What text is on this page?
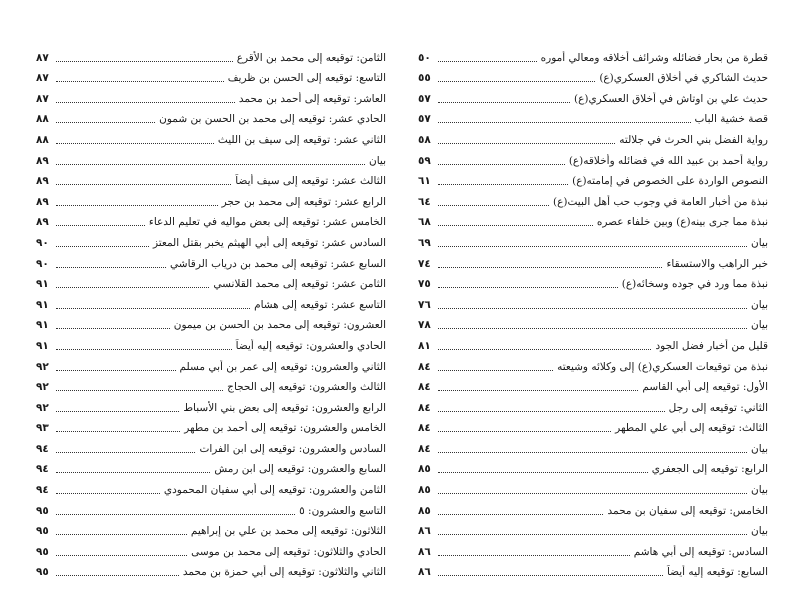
قطرة من بحار فضائله وشرائف أخلاقه ومعالي أموره
٥٠
حديث الشاكري في أخلاق العسكري(ع)
٥٥
حديث علي بن اوتاش في أخلاق العسكري(ع)
٥٧
قصة خشية الباب
٥٧
رواية الفضل بني الحرث في جلالته
٥٨
رواية أحمد بن عبيد الله في فضائله وأخلاقه(ع)
٥٩
النصوص الواردة على الخصوص في إمامته(ع)
٦١
نبذة من أخبار العامة في وجوب حب أهل البيت(ع)
٦٤
نبذة مما جرى بينه(ع) وبين خلفاء عصره
٦٨
بيان
٦٩
خبر الراهب والاستسقاء
٧٤
نبذة مما ورد في جوده وسخائه(ع)
٧٥
بيان
٧٦
بيان
٧٨
قليل من أخبار فضل الجود
٨١
نبذة من توقيعات العسكري(ع) إلى وكلائه وشيعته
٨٤
الأول: توقيعه إلى أبي القاسم
٨٤
الثاني: توقيعه إلى رجل
٨٤
الثالث: توقيعه إلى أبي علي المطهر
٨٤
بيان
٨٤
الرابع: توقيعه إلى الجعفري
٨٥
بيان
٨٥
الخامس: توقيعه إلى سفيان بن محمد
٨٥
بيان
٨٦
السادس: توقيعه إلى أبي هاشم
٨٦
السابع: توقيعه إليه أيضاً
٨٦
الثامن: توقيعه إلى محمد بن الأقرع
٨٧
التاسع: توقيعه إلى الحسن بن ظريف
٨٧
العاشر: توقيعه إلى أحمد بن محمد
٨٧
الحادي عشر: توقيعه إلى محمد بن الحسن بن شمون
٨٨
الثاني عشر: توقيعه إلى سيف بن الليث
٨٨
بيان
٨٩
الثالث عشر: توقيعه إلى سيف أيضاً
٨٩
الرابع عشر: توقيعه إلى محمد بن حجر
٨٩
الخامس عشر: توقيعه إلى بعض مواليه في تعليم الدعاء
٨٩
السادس عشر: توقيعه إلى أبي الهيثم يخبر بقتل المعتز
٩٠
السابع عشر: توقيعه إلى محمد بن درياب الرقاشي
٩٠
الثامن عشر: توقيعه إلى محمد القلانسي
٩١
التاسع عشر: توقيعه إلى هشام
٩١
العشرون: توقيعه إلى محمد بن الحسن بن ميمون
٩١
الحادي والعشرون: توقيعه إليه أيضاً
٩١
الثاني والعشرون: توقيعه إلى عمر بن أبي مسلم
٩٢
الثالث والعشرون: توقيعه إلى الحجاج
٩٢
الرابع والعشرون: توقيعه إلى بعض بني الأسباط
٩٢
الخامس والعشرون: توقيعه إلى أحمد بن مطهر
٩٣
السادس والعشرون: توقيعه إلى ابن الفرات
٩٤
السابع والعشرون: توقيعه إلى ابن رمش
٩٤
الثامن والعشرون: توقيعه إلى أبي سفيان المحمودي
٩٤
التاسع والعشرون: ٥
٩٥
الثلاثون: توقيعه إلى محمد بن علي بن إبراهيم
٩٥
الحادي والثلاثون: توقيعه إلى محمد بن موسى
٩٥
الثاني والثلاثون: توقيعه إلى أبي حمزة بن محمد
٩٥
